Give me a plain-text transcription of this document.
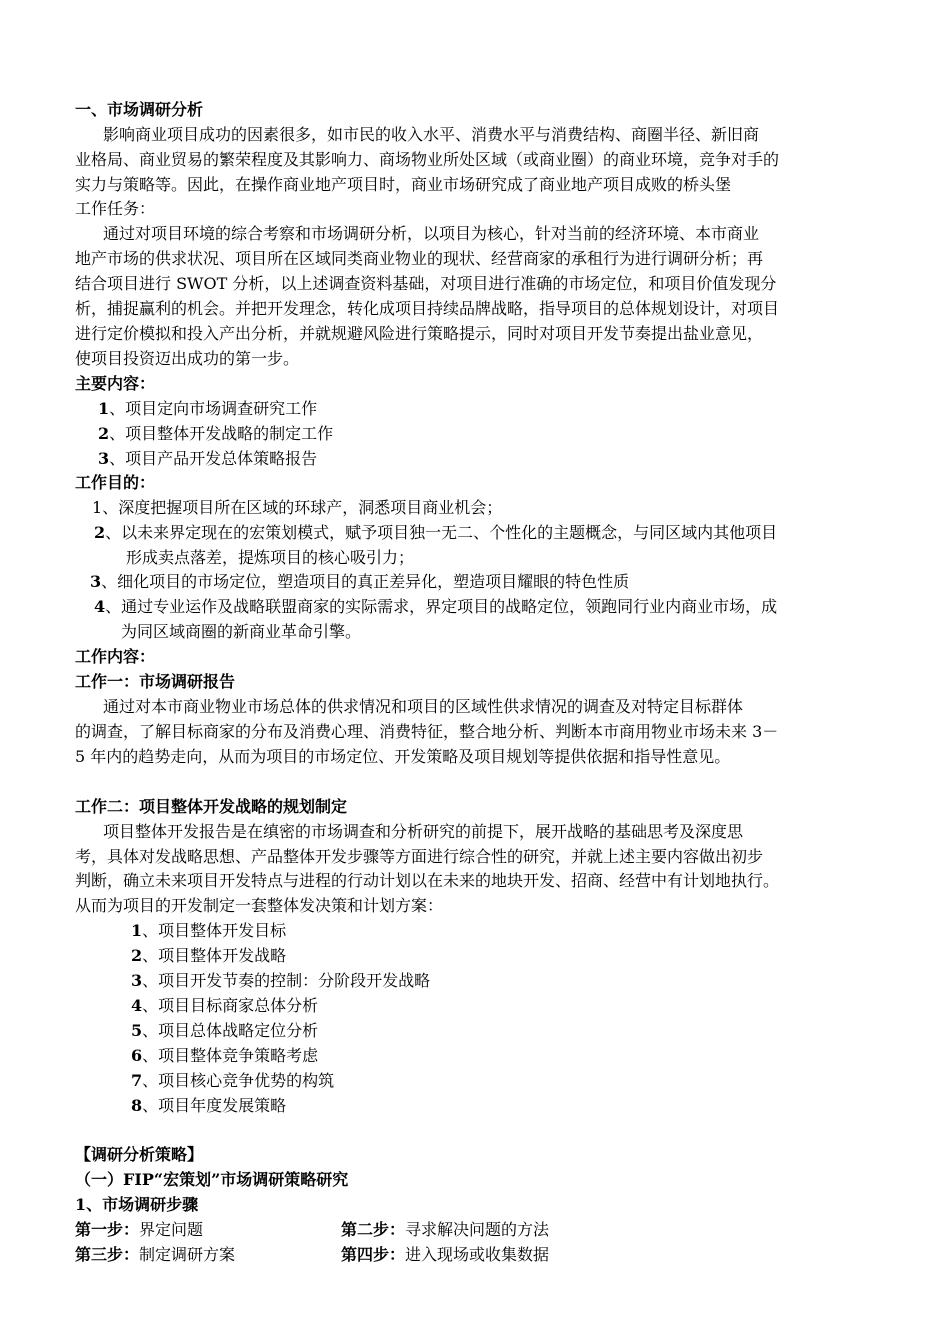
一、市场调研分析
影响商业项目成功的因素很多，如市民的收入水平、消费水平与消费结构、商圈半径、新旧商
业格局、商业贸易的繁荣程度及其影响力、商场物业所处区域（或商业圈）的商业环境，竞争对手的
实力与策略等。因此，在操作商业地产项目时，商业市场研究成了商业地产项目成败的桥头堡
工作任务：
通过对项目环境的综合考察和市场调研分析，以项目为核心，针对当前的经济环境、本市商业
地产市场的供求状况、项目所在区域同类商业物业的现状、经营商家的承租行为进行调研分析；再
结合项目进行 SWOT 分析，以上述调查资料基础，对项目进行准确的市场定位，和项目价值发现分
析，捕捉赢利的机会。并把开发理念，转化成项目持续品牌战略，指导项目的总体规划设计，对项目
进行定价模拟和投入产出分析，并就规避风险进行策略提示，同时对项目开发节奏提出盐业意见，
使项目投资迈出成功的第一步。
主要内容：
1、项目定向市场调查研究工作
2、项目整体开发战略的制定工作
3、项目产品开发总体策略报告
工作目的：
1、深度把握项目所在区域的环球产，洞悉项目商业机会；
2、以未来界定现在的宏策划模式，赋予项目独一无二、个性化的主题概念，与同区域内其他项目
形成卖点落差，提炼项目的核心吸引力；
3、细化项目的市场定位，塑造项目的真正差异化，塑造项目耀眼的特色性质
4、通过专业运作及战略联盟商家的实际需求，界定项目的战略定位，领跑同行业内商业市场，成
为同区域商圈的新商业革命引擎。
工作内容：
工作一：市场调研报告
通过对本市商业物业市场总体的供求情况和项目的区域性供求情况的调查及对特定目标群体
的调查，了解目标商家的分布及消费心理、消费特征，整合地分析、判断本市商用物业市场未来 3－
5 年内的趋势走向，从而为项目的市场定位、开发策略及项目规划等提供依据和指导性意见。
工作二：项目整体开发战略的规划制定
项目整体开发报告是在缜密的市场调查和分析研究的前提下，展开战略的基础思考及深度思
考，具体对发战略思想、产品整体开发步骤等方面进行综合性的研究，并就上述主要内容做出初步
判断，确立未来项目开发特点与进程的行动计划以在未来的地块开发、招商、经营中有计划地执行。
从而为项目的开发制定一套整体发决策和计划方案：
1、项目整体开发目标
2、项目整体开发战略
3、项目开发节奏的控制：分阶段开发战略
4、项目目标商家总体分析
5、项目总体战略定位分析
6、项目整体竞争策略考虑
7、项目核心竞争优势的构筑
8、项目年度发展策略
【调研分析策略】
（一）FIP“宏策划”市场调研策略研究
1、市场调研步骤
第一步：界定问题	第二步：寻求解决问题的方法
第三步：制定调研方案	第四步：进入现场或收集数据
